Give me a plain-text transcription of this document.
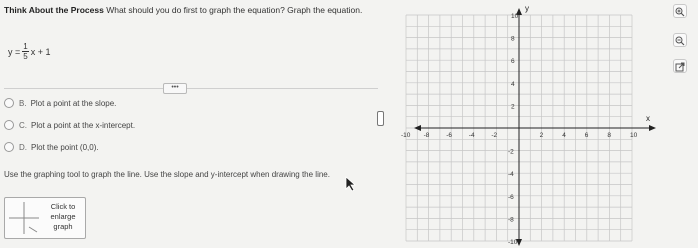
Think About the Process What should you do first to graph the equation? Graph the equation.
$y = \frac{1}{5}$ x + 1
•••
B. Plot a point at the slope.
C. Plot a point at the x-intercept.
D. Plot the point (0,0).
Use the graphing tool to graph the line. Use the slope and y-intercept when drawing the line.
Click to
enlarge
graph
y
x
-10 -8	-6	-4	-2	2	4	6	8	10
10
8
6
4
2
-2
-4
-6
-8
-10
